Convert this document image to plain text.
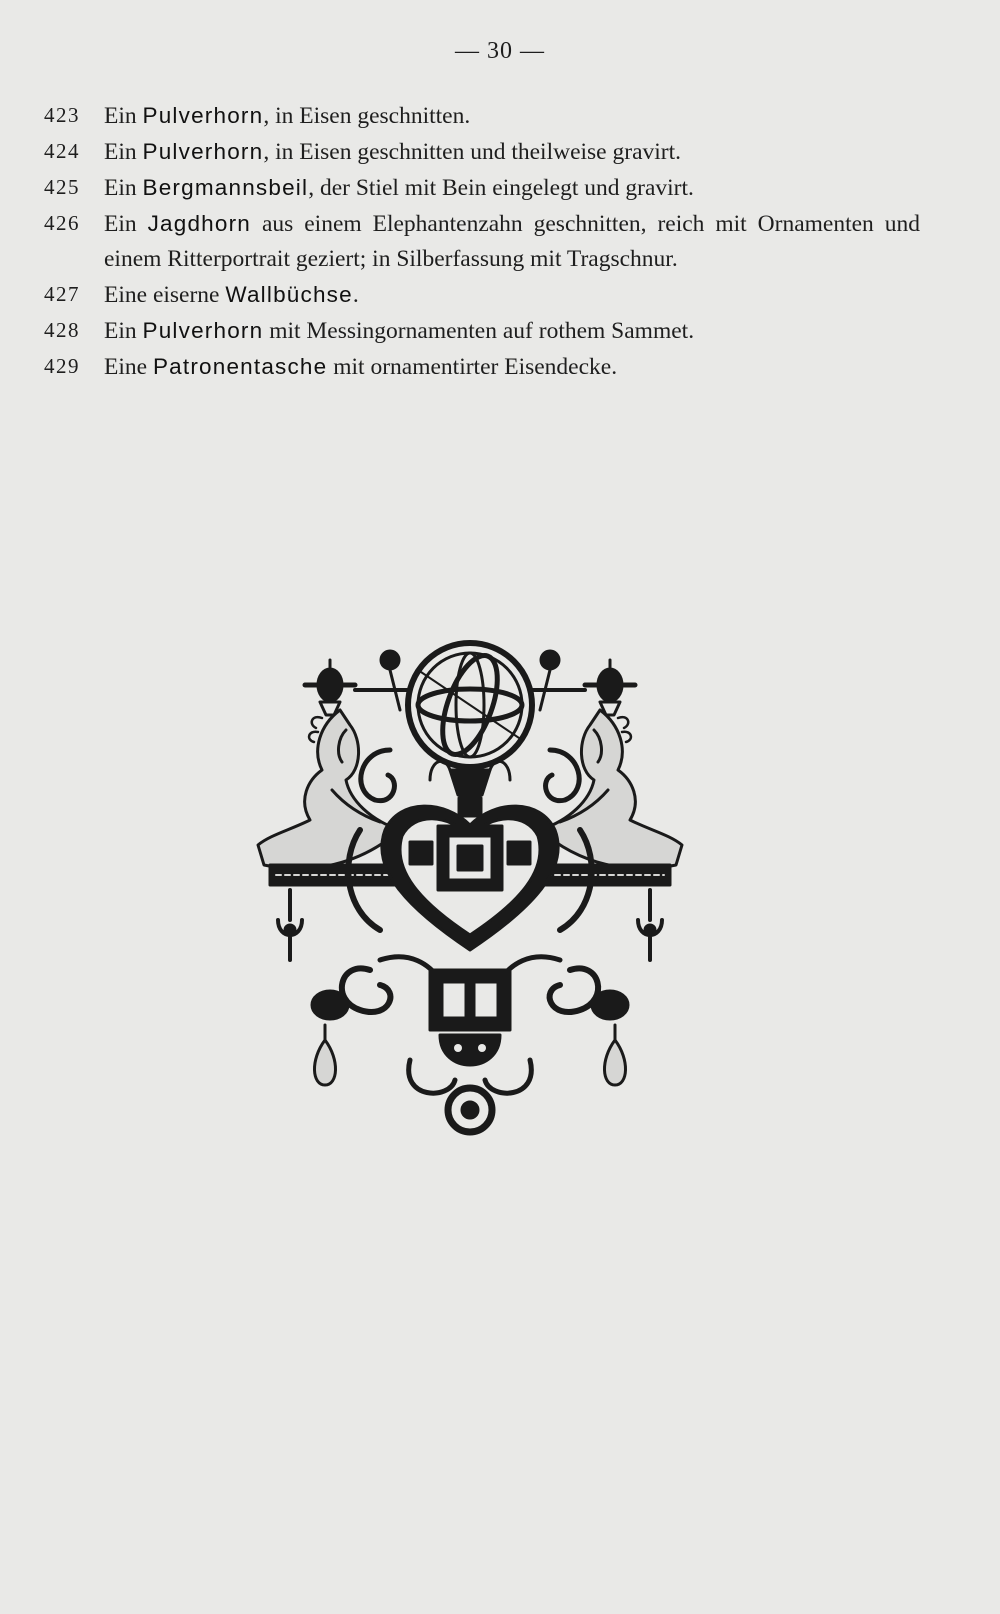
— 30 —
423	Ein Pulverhorn, in Eisen geschnitten.
424	Ein Pulverhorn, in Eisen geschnitten und theilweise gravirt.
425	Ein Bergmannsbeil, der Stiel mit Bein eingelegt und gravirt.
426	Ein Jagdhorn aus einem Elephantenzahn geschnitten, reich mit Ornamenten und einem Ritterportrait geziert; in Silberfassung mit Tragschnur.
427	Eine eiserne Wallbüchse.
428	Ein Pulverhorn mit Messingornamenten auf rothem Sammet.
429	Eine Patronentasche mit ornamentirter Eisendecke.
